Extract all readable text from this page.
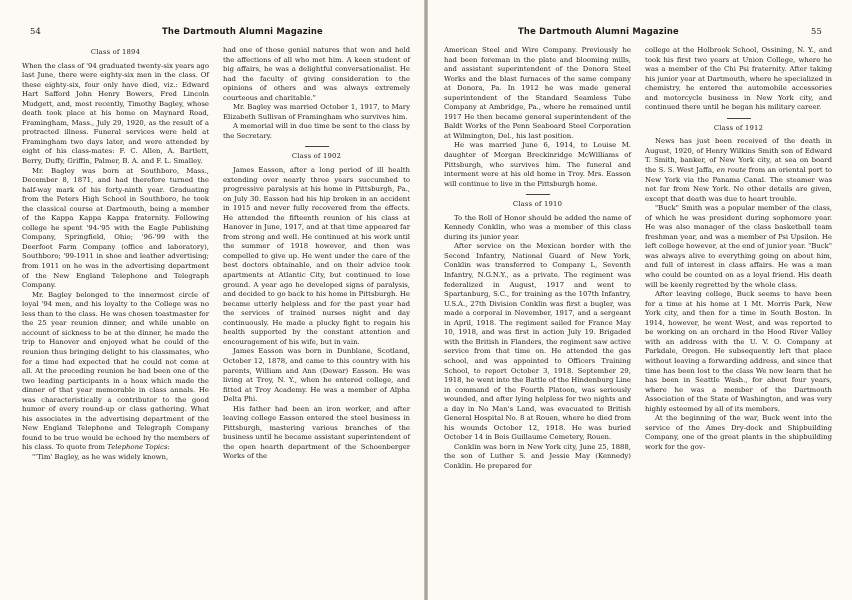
54	The Dartmouth Alumni Magazine
Class of 1894

When the class of '94 graduated twenty-six years ago last June, there were eighty-six men in the class. Of these eighty-six, four only have died, viz.: Edward Hart Safford John Henry Bowers, Fred Lincoln Mudgett, and, most recently, Timothy Bagley, whose death took place at his home on Maynard Road, Framingham, Mass., July 29, 1920, as the result of a protracted illness. Funeral services were held at Framingham two days later, and were attended by eight of his class-mates: F. C. Allen, A. Bartlett, Berry, Duffy, Griffin, Palmer, B. A. and F. L. Smalley.

Mr. Bagley was born at Southboro, Mass., December 8, 1871, and had therefore turned the half-way mark of his forty-ninth year. Graduating from the Peters High School in Southboro, he took the classical course at Dartmouth, being a member of the Kappa Kappa Kappa fraternity. Following college he spent '94-'95 with the Eagle Publishing Company, Springfield, Ohio; '96-'99 with the Deerfoot Farm Company (office and laboratory), Southboro; '99-1911 in shoe and leather advertising; from 1911 on he was in the advertising department of the New England Telephone and Telegraph Company.

Mr. Bagley belonged to the innermost circle of loyal '94 men, and his loyalty to the College was no less than to the class. He was chosen toastmaster for the 25 year reunion dinner, and while unable on account of sickness to be at the dinner, he made the trip to Hanover and enjoyed what he could of the reunion thus bringing delight to his classmates, who for a time had expected that he could not come at all. At the preceding reunion he had been one of the two leading participants in a hoax which made the dinner of that year memorable in class annals. He was characteristically a contributor to the good humor of every round-up or class gathering. What his associates in the advertising department of the New England Telephone and Telegraph Company found to be true would be echoed by the members of his class. To quote from Telephone Topics:

"'Tim' Bagley, as he was widely known,

had one of those genial natures that won and held the affections of all who met him. A keen student of big affairs, he was a delightful conversationalist. He had the faculty of giving consideration to the opinions of others and was always extremely courteous and charitable."

Mr. Bagley was married October 1, 1917, to Mary Elizabeth Sullivan of Framingham who survives him.

A memorial will in due time be sent to the class by the Secretary.

Class of 1902

James Easson, after a long period of ill health extending over nearly three years succumbed to progressive paralysis at his home in Pittsburgh, Pa., on July 30. Easson had his hip broken in an accident in 1915 and never fully recovered from the effects. He attended the fifteenth reunion of his class at Hanover in June, 1917, and at that time appeared far from strong and well. He continued at his work until the summer of 1918 however, and then was compelled to give up. He went under the care of the best doctors obtainable, and on their advice took apartments at Atlantic City, but continued to lose ground. A year ago he developed signs of paralysis, and decided to go back to his home in Pittsburgh. He became utterly helpless and for the past year had the services of trained nurses night and day continuously. He made a plucky fight to regain his health supported by the constant attention and encouragement of his wife, but in vain.

James Easson was born in Dunblane, Scotland, October 12, 1878, and came to this country with his parents, William and Ann (Dewar) Easson. He was living at Troy, N. Y., when he entered college, and fitted at Troy Academy. He was a member of Alpha Delta Phi.

His father had been an iron worker, and after leaving college Easson entered the steel business in Pittsburgh, mastering various branches of the business until he became assistant superintendent of the open hearth department of the Schoenberger Works of the

The Dartmouth Alumni Magazine	55

American Steel and Wire Company. Previously he had been foreman in the plate and blooming mills, and assistant superintendent of the Donora Steel Works and the blast furnaces of the same company at Donora, Pa. In 1912 he was made general superintendent of the Standard Seamless Tube Company at Ambridge, Pa., where he remained until 1917 He then became general superintendent of the Baldt Works of the Penn Seaboard Steel Corporation at Wilmington, Del., his last position.

He was married June 6, 1914, to Louise M. daughter of Morgan Breckinridge McWilliams of Pittsburgh, who survives him. The funeral and interment were at his old home in Troy. Mrs. Easson will continue to live in the Pittsburgh home.

Class of 1910

To the Roll of Honor should be added the name of Kennedy Conklin, who was a member of this class during its junior year.

After service on the Mexican border with the Second Infantry, National Guard of New York, Conklin was transferred to Company L, Seventh Infantry, N.G.N.Y., as a private. The regiment was federalized in August, 1917 and went to Spartanburg, S.C., for training as the 107th Infantry, U.S.A., 27th Division Conklin was first a bugler, was made a corporal in November, 1917, and a sergeant in April, 1918. The regiment sailed for France May 10, 1918, and was first in action July 19. Brigaded with the British in Flanders, the regiment saw active service from that time on. He attended the gas school, and was appointed to Officers Training School, to report October 3, 1918. September 29, 1918, he went into the Battle of the Hindenburg Line in command of the Fourth Platoon, was seriously wounded, and after lying helpless for two nights and a day in No Man's Land, was evacuated to British General Hospital No. 8 at Rouen, where he died from his wounds October 12, 1918. He was buried October 14 in Bois Guillaume Cemetery, Rouen.

Conklin was born in New York city, June 25, 1888, the son of Luther S. and Jessie May (Kennedy) Conklin. He prepared for

college at the Holbrook School, Ossining, N. Y., and took his first two years at Union College, where he was a member of the Chi Psi fraternity. After taking his junior year at Dartmouth, where he specialized in chemistry, he entered the automobile accessories and motorcycle business in New York city, and continued there until he began his military career.

Class of 1912

News has just been received of the death in August, 1920, of Henry Wilkins Smith son of Edward T. Smith, banker, of New York city, at sea on board the S. S. West Jaffa, en route from an oriental port to New York via the Panama Canal. The steamer was not far from New York. No other details are given, except that death was due to heart trouble.

"Buck" Smith was a popular member of the class, of which he was president during sophomore year. He was also manager of the class basketball team freshman year, and was a member of Psi Upsilon. He left college however, at the end of junior year. "Buck" was always alive to everything going on about him, and full of interest in class affairs. He was a man who could be counted on as a loyal friend. His death will be keenly regretted by the whole class.

After leaving college, Buck seems to have been for a time at his home at 1 Mt. Morris Park, New York city, and then for a time in South Boston. In 1914, however, he went West, and was reported to be working on an orchard in the Hood River Valley with an address with the U. V. O. Company at Parkdale, Oregon. He subsequently left that place without leaving a forwarding address, and since that time has been lost to the class We now learn that he has been in Seattle Wash., for about four years, where he was a member of the Dartmouth Association of the State of Washington, and was very highly esteemed by all of its members.

At the beginning of the war, Buck went into the service of the Ames Dry-dock and Shipbuilding Company, one of the great plants in the shipbuilding work for the gov-
